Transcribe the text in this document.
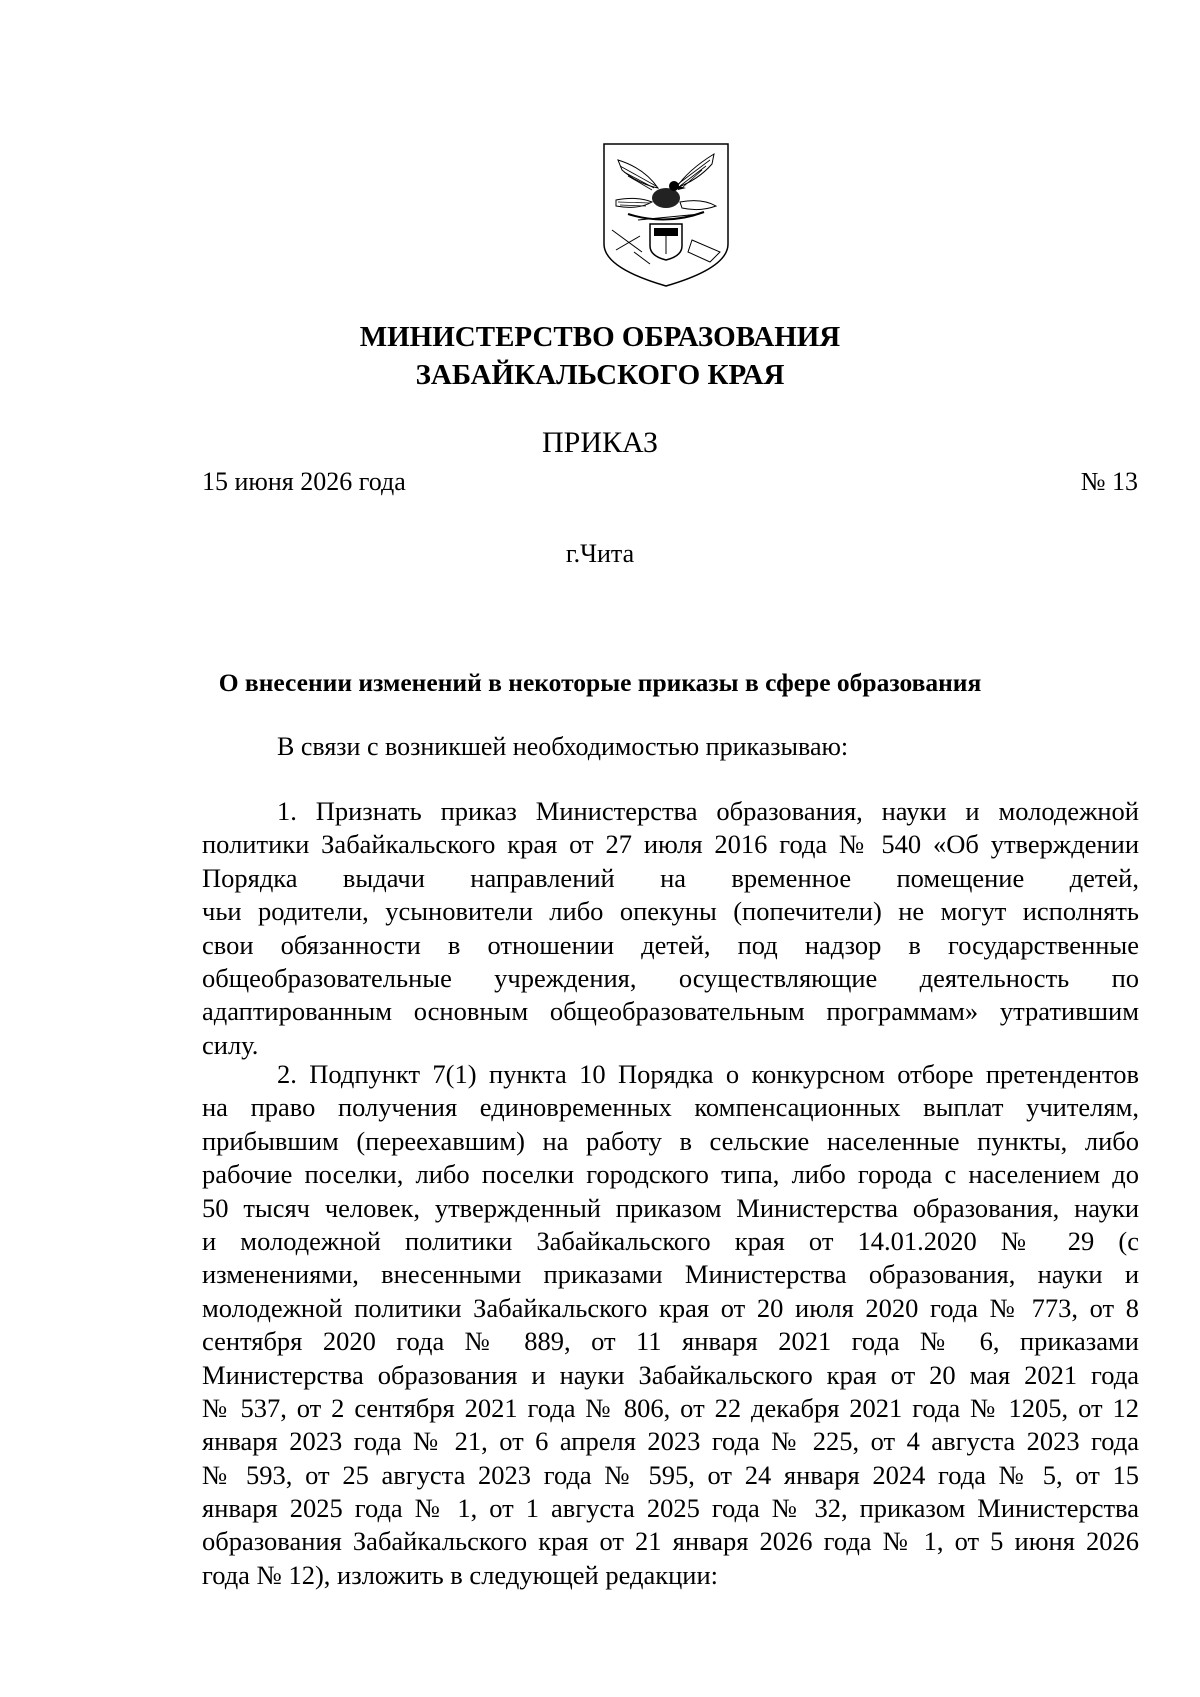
МИНИСТЕРСТВО ОБРАЗОВАНИЯ
ЗАБАЙКАЛЬСКОГО КРАЯ
ПРИКАЗ
15 июня 2026 года	№ 13
г.Чита
О внесении изменений в некоторые приказы в сфере образования
В связи с возникшей необходимостью приказываю:
1. Признать приказ Министерства образования, науки и молодежной
политики Забайкальского края от 27 июля 2016 года № 540 «Об утверждении
Порядка выдачи направлений на временное помещение детей,
чьи родители, усыновители либо опекуны (попечители) не могут исполнять
свои обязанности в отношении детей, под надзор в государственные
общеобразовательные учреждения, осуществляющие деятельность по
адаптированным основным общеобразовательным программам» утратившим
силу.
2. Подпункт 7(1) пункта 10 Порядка о конкурсном отборе претендентов
на право получения единовременных компенсационных выплат учителям,
прибывшим (переехавшим) на работу в сельские населенные пункты, либо
рабочие поселки, либо поселки городского типа, либо города с населением до
50 тысяч человек, утвержденный приказом Министерства образования, науки
и молодежной политики Забайкальского края от 14.01.2020 № 29 (с
изменениями, внесенными приказами Министерства образования, науки и
молодежной политики Забайкальского края от 20 июля 2020 года № 773, от 8
сентября 2020 года № 889, от 11 января 2021 года № 6, приказами
Министерства образования и науки Забайкальского края от 20 мая 2021 года
№ 537, от 2 сентября 2021 года № 806, от 22 декабря 2021 года № 1205, от 12
января 2023 года № 21, от 6 апреля 2023 года № 225, от 4 августа 2023 года
№ 593, от 25 августа 2023 года № 595, от 24 января 2024 года № 5, от 15
января 2025 года № 1, от 1 августа 2025 года № 32, приказом Министерства
образования Забайкальского края от 21 января 2026 года № 1, от 5 июня 2026
года № 12), изложить в следующей редакции:
